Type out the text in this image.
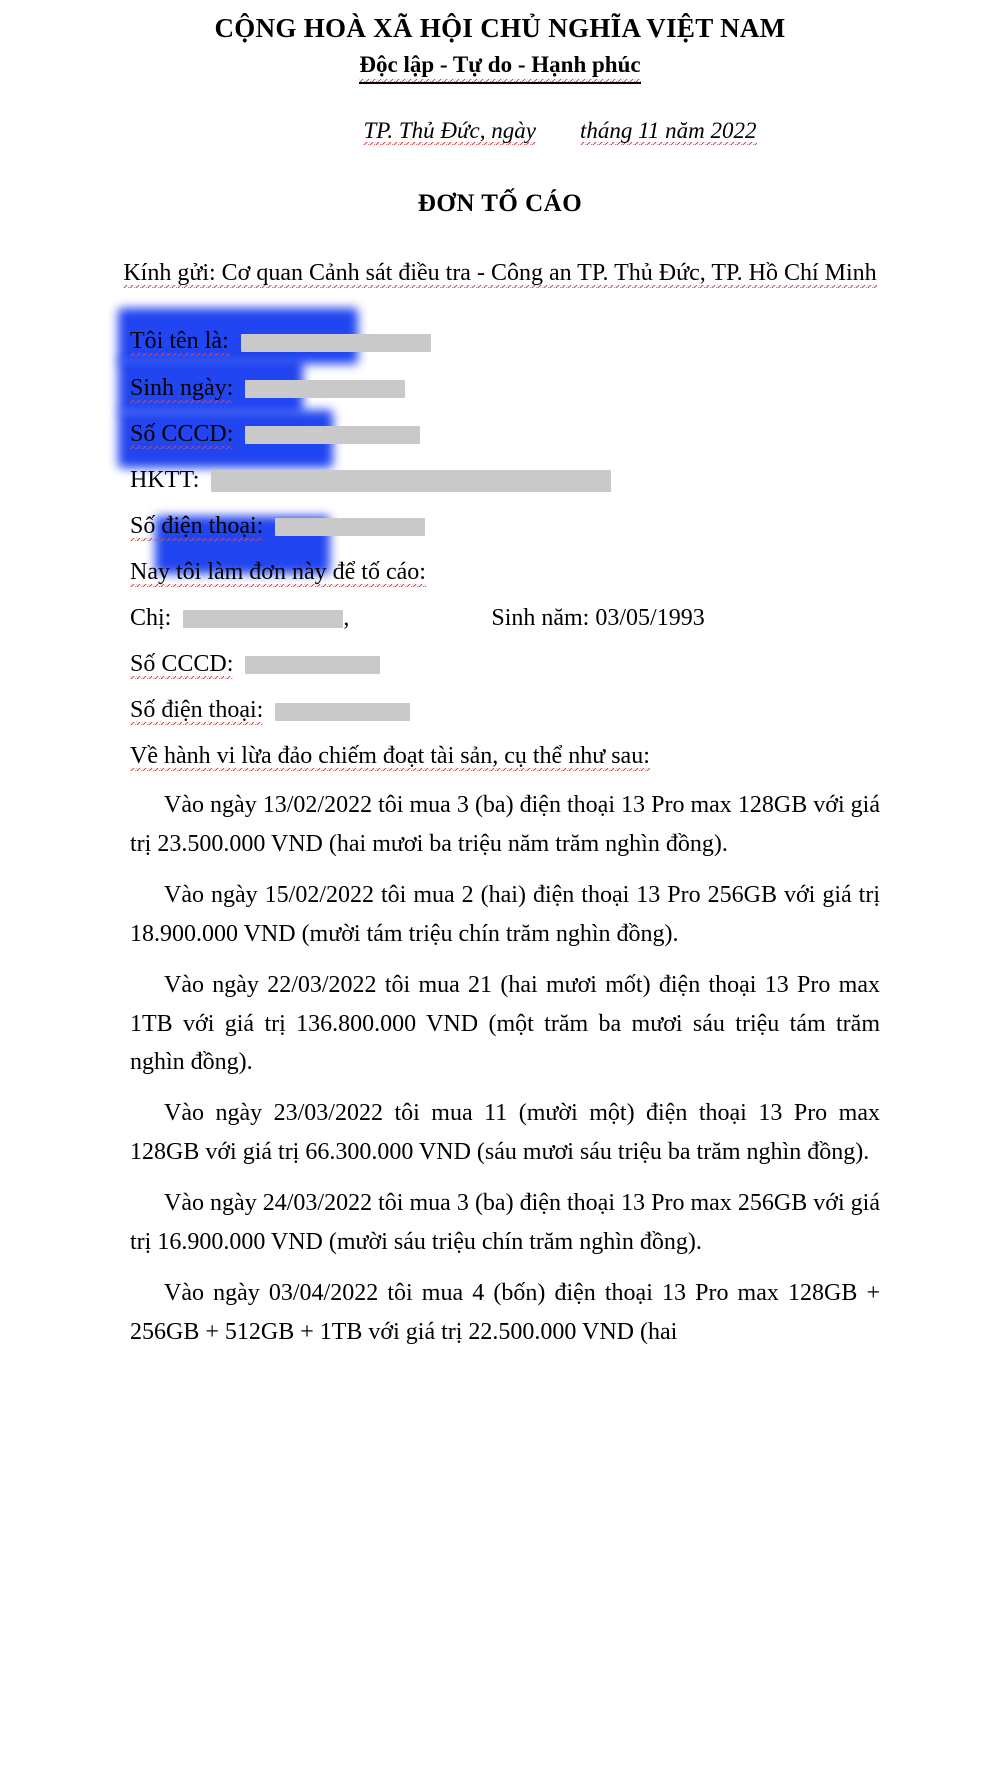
CỘNG HOÀ XÃ HỘI CHỦ NGHĨA VIỆT NAM
Độc lập - Tự do - Hạnh phúc
TP. Thủ Đức, ngày tháng 11 năm 2022
ĐƠN TỐ CÁO
Kính gửi: Cơ quan Cảnh sát điều tra - Công an TP. Thủ Đức, TP. Hồ Chí Minh
Tôi tên là:
Sinh ngày:
Số CCCD:
HKTT:
Số điện thoại:
Nay tôi làm đơn này để tố cáo:
Chị:	,	Sinh năm: 03/05/1993
Số CCCD:
Số điện thoại:
Về hành vi lừa đảo chiếm đoạt tài sản, cụ thể như sau:

Vào ngày 13/02/2022 tôi mua 3 (ba) điện thoại 13 Pro max 128GB với giá trị 23.500.000 VND (hai mươi ba triệu năm trăm nghìn đồng).

Vào ngày 15/02/2022 tôi mua 2 (hai) điện thoại 13 Pro 256GB với giá trị 18.900.000 VND (mười tám triệu chín trăm nghìn đồng).

Vào ngày 22/03/2022 tôi mua 21 (hai mươi mốt) điện thoại 13 Pro max 1TB với giá trị 136.800.000 VND (một trăm ba mươi sáu triệu tám trăm nghìn đồng).

Vào ngày 23/03/2022 tôi mua 11 (mười một) điện thoại 13 Pro max 128GB với giá trị 66.300.000 VND (sáu mươi sáu triệu ba trăm nghìn đồng).

Vào ngày 24/03/2022 tôi mua 3 (ba) điện thoại 13 Pro max 256GB với giá trị 16.900.000 VND (mười sáu triệu chín trăm nghìn đồng).

Vào ngày 03/04/2022 tôi mua 4 (bốn) điện thoại 13 Pro max 128GB + 256GB + 512GB + 1TB với giá trị 22.500.000 VND (hai
